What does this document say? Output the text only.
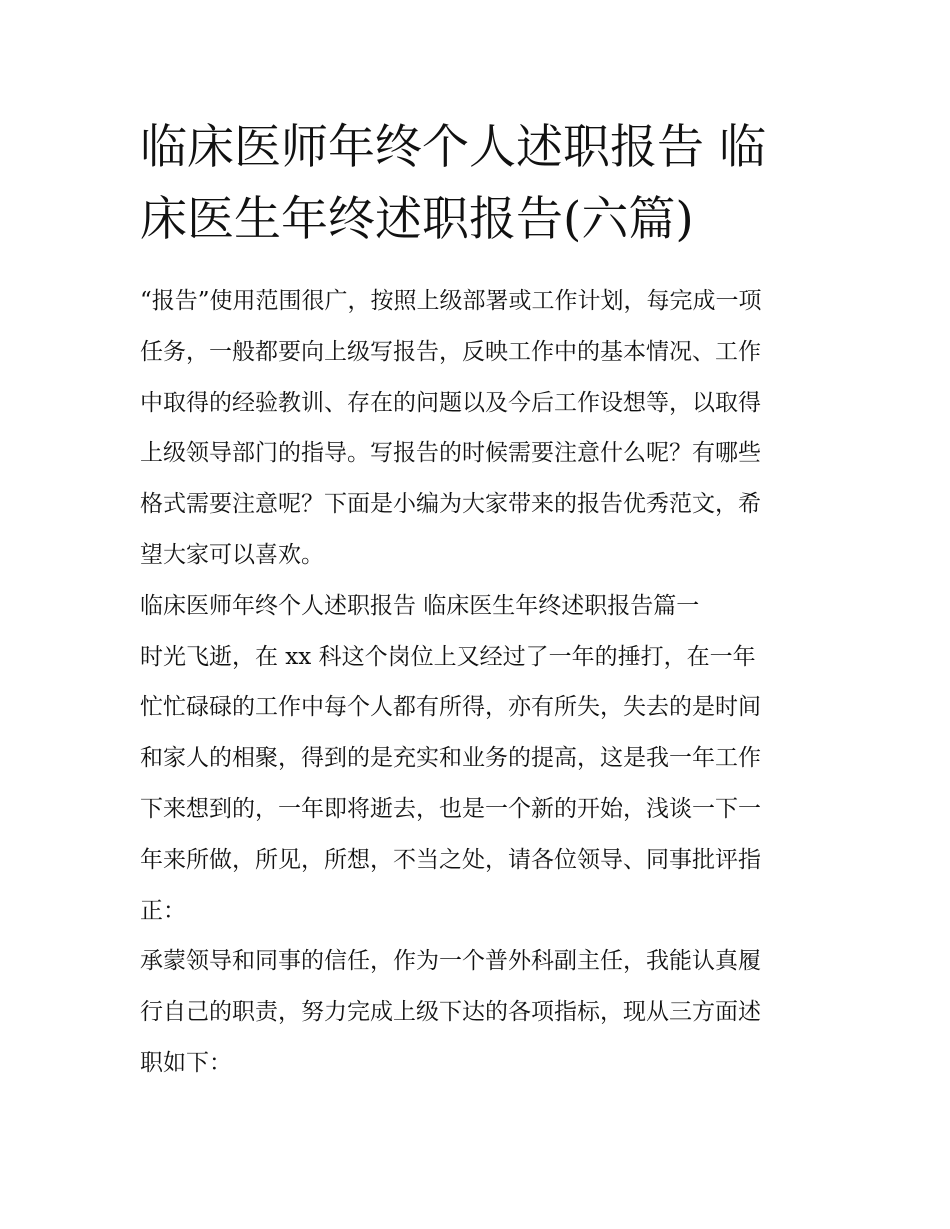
临床医师年终个人述职报告 临
床医生年终述职报告(六篇)
“报告”使用范围很广，按照上级部署或工作计划，每完成一项
任务，一般都要向上级写报告，反映工作中的基本情况、工作
中取得的经验教训、存在的问题以及今后工作设想等，以取得
上级领导部门的指导。写报告的时候需要注意什么呢？有哪些
格式需要注意呢？下面是小编为大家带来的报告优秀范文，希
望大家可以喜欢。
临床医师年终个人述职报告 临床医生年终述职报告篇一
时光飞逝，在 xx 科这个岗位上又经过了一年的捶打，在一年
忙忙碌碌的工作中每个人都有所得，亦有所失，失去的是时间
和家人的相聚，得到的是充实和业务的提高，这是我一年工作
下来想到的，一年即将逝去，也是一个新的开始，浅谈一下一
年来所做，所见，所想，不当之处，请各位领导、同事批评指
正：
承蒙领导和同事的信任，作为一个普外科副主任，我能认真履
行自己的职责，努力完成上级下达的各项指标，现从三方面述
职如下：
